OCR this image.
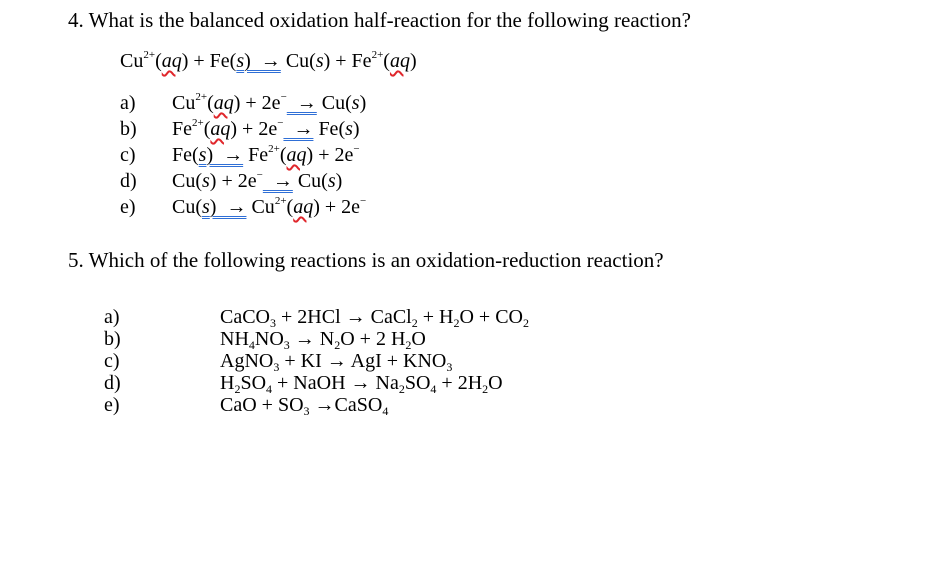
4. What is the balanced oxidation half-reaction for the following reaction?
$Cu^{2+}(aq) + Fe(s) \to Cu(s) + Fe^{2+}(aq)$
a) $Cu^{2+}(aq) + 2e^- \to Cu(s)$
b) $Fe^{2+}(aq) + 2e^- \to Fe(s)$
c) $Fe(s) \to Fe^{2+}(aq) + 2e^-$
d) Cu(s) + 2e−  → Cu(s)
e) $Cu(s) \to Cu^{2+}(aq) + 2e^-$
5. Which of the following reactions is an oxidation-reduction reaction?
a)	CaCO$_3$ + 2HCl → CaCl$_2$ + $H_2O + CO_2$
b)	$NH_4NO_3 \to N_2O + 2$ $H_2O$
c)	AgNO$_3$ + KI → AgI + $KNO_3$
d)	$H_2SO_4$ + NaOH → $Na_2SO_4 + 2H_2O$
e)	CaO + $SO_3$ →CaSO$_4$
